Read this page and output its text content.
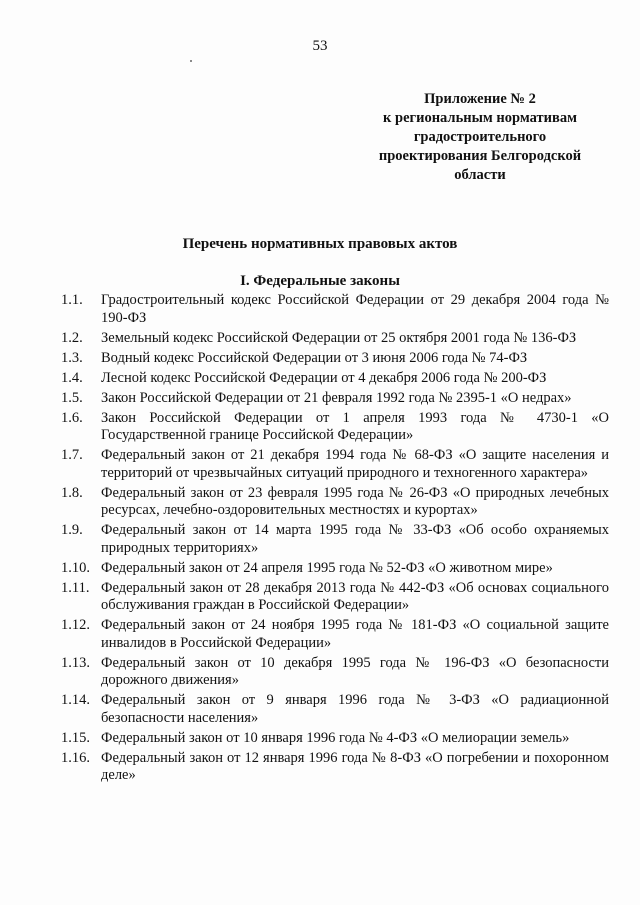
53
Приложение № 2
к региональным нормативам
градостроительного
проектирования Белгородской
области
Перечень нормативных правовых актов
I. Федеральные законы
1.1.	Градостроительный кодекс Российской Федерации от 29 декабря 2004 года № 190-ФЗ
1.2.	Земельный кодекс Российской Федерации от 25 октября 2001 года № 136-ФЗ
1.3.	Водный кодекс Российской Федерации от 3 июня 2006 года № 74-ФЗ
1.4.	Лесной кодекс Российской Федерации от 4 декабря 2006 года № 200-ФЗ
1.5.	Закон Российской Федерации от 21 февраля 1992 года № 2395-1 «О недрах»
1.6.	Закон Российской Федерации от 1 апреля 1993 года № 4730-1 «О Государственной границе Российской Федерации»
1.7.	Федеральный закон от 21 декабря 1994 года № 68-ФЗ «О защите населения и территорий от чрезвычайных ситуаций природного и техногенного характера»
1.8.	Федеральный закон от 23 февраля 1995 года № 26-ФЗ «О природных лечебных ресурсах, лечебно-оздоровительных местностях и курортах»
1.9.	Федеральный закон от 14 марта 1995 года № 33-ФЗ «Об особо охраняемых природных территориях»
1.10. Федеральный закон от 24 апреля 1995 года № 52-ФЗ «О животном мире»
1.11. Федеральный закон от 28 декабря 2013 года № 442-ФЗ «Об основах социального обслуживания граждан в Российской Федерации»
1.12. Федеральный закон от 24 ноября 1995 года № 181-ФЗ «О социальной защите инвалидов в Российской Федерации»
1.13. Федеральный закон от 10 декабря 1995 года № 196-ФЗ «О безопасности дорожного движения»
1.14. Федеральный закон от 9 января 1996 года № 3-ФЗ «О радиационной безопасности населения»
1.15. Федеральный закон от 10 января 1996 года № 4-ФЗ «О мелиорации земель»
1.16. Федеральный закон от 12 января 1996 года № 8-ФЗ «О погребении и похоронном деле»
